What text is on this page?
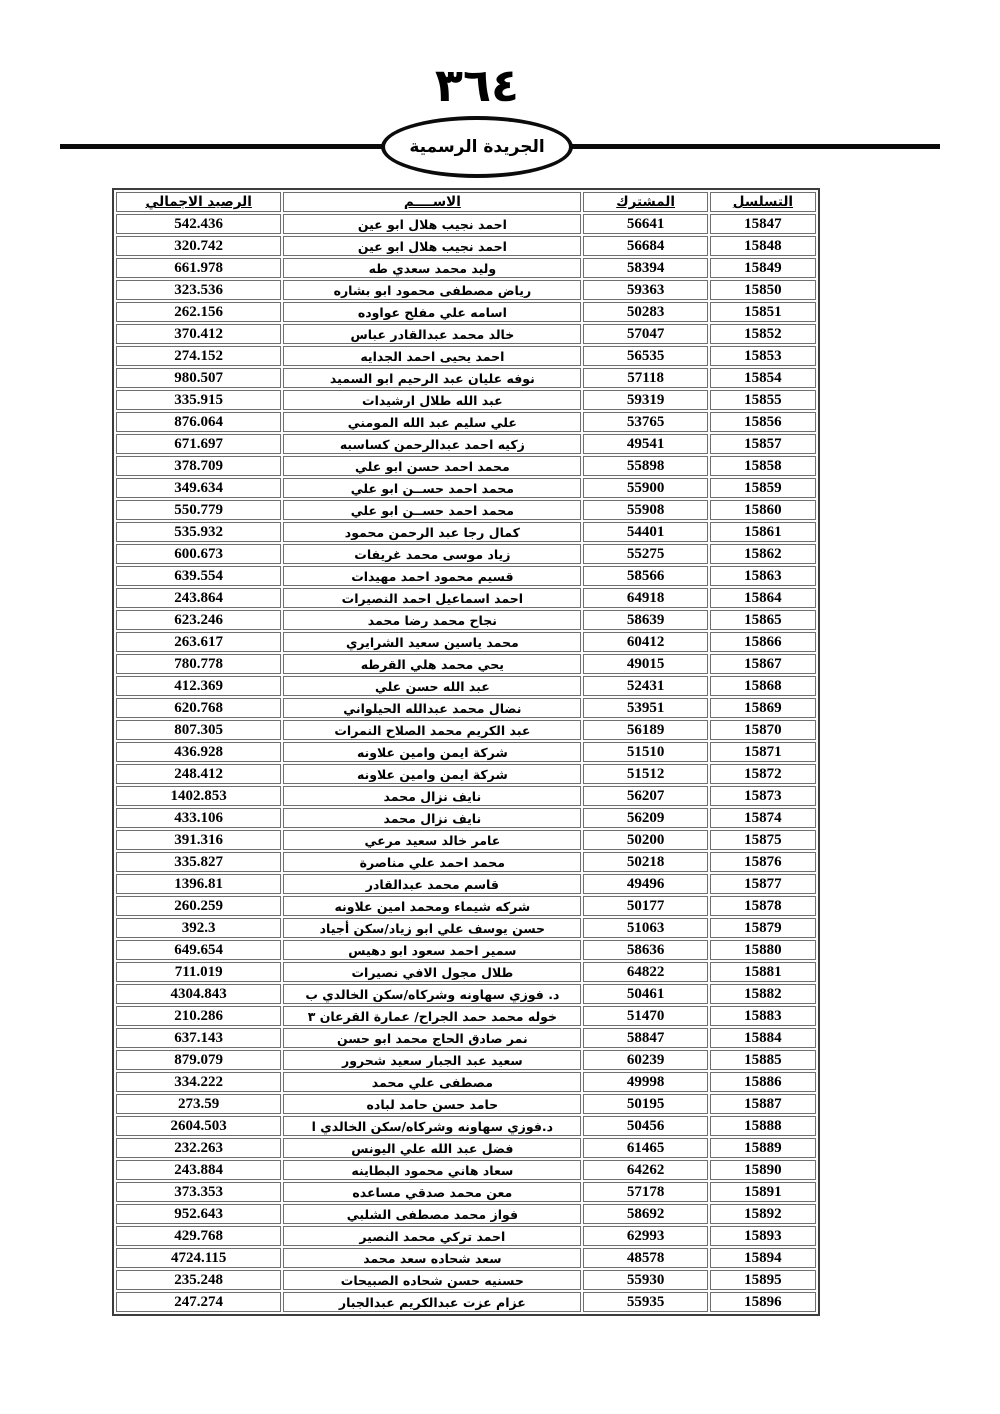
٣٦٤
الجريدة الرسمية
التسلسل	المشترك	الاســــم	الرصيد الاجمالي
15847	56641	احمد نجيب هلال ابو عين	542.436
15848	56684	احمد نجيب هلال ابو عين	320.742
15849	58394	وليد محمد سعدي طه	661.978
15850	59363	رياض مصطفى محمود ابو بشاره	323.536
15851	50283	اسامه علي مفلح عواوده	262.156
15852	57047	خالد محمد عبدالقادر عباس	370.412
15853	56535	احمد يحيى احمد الجدايه	274.152
15854	57118	نوفه عليان عبد الرحيم ابو السميد	980.507
15855	59319	عبد الله طلال ارشيدات	335.915
15856	53765	علي سليم عبد الله المومني	876.064
15857	49541	زكيه احمد عبدالرحمن كساسبه	671.697
15858	55898	محمد احمد حسن ابو علي	378.709
15859	55900	محمد احمد حســن ابو علي	349.634
15860	55908	محمد احمد حســن ابو علي	550.779
15861	54401	كمال رجا عبد الرحمن محمود	535.932
15862	55275	زياد موسى محمد غريفات	600.673
15863	58566	قسيم محمود احمد مهيدات	639.554
15864	64918	احمد اسماعيل احمد النصيرات	243.864
15865	58639	نجاح محمد رضا محمد	623.246
15866	60412	محمد ياسين سعيد الشرايري	263.617
15867	49015	يحي محمد هلي القرطه	780.778
15868	52431	عبد الله حسن علي	412.369
15869	53951	نضال محمد عبدالله الحيلواني	620.768
15870	56189	عبد الكريم محمد الصلاح النمرات	807.305
15871	51510	شركة ايمن وامين علاونه	436.928
15872	51512	شركة ايمن وامين علاونه	248.412
15873	56207	نايف نزال محمد	1402.853
15874	56209	نايف نزال محمد	433.106
15875	50200	عامر خالد سعيد مرعي	391.316
15876	50218	محمد احمد علي مناصرة	335.827
15877	49496	قاسم محمد عبدالقادر	1396.81
15878	50177	شركه شيماء ومحمد امين علاونه	260.259
15879	51063	حسن يوسف علي ابو زياد/سكن أجياد	392.3
15880	58636	سمير احمد سعود ابو دهيس	649.654
15881	64822	طلال مجول الافي نصيرات	711.019
15882	50461	د. فوزي سهاونه وشركاه/سكن الخالدي ب	4304.843
15883	51470	خوله محمد حمد الجراح/ عمارة القرعان ٣	210.286
15884	58847	نمر صادق الحاج محمد ابو حسن	637.143
15885	60239	سعيد عبد الجبار سعيد شحرور	879.079
15886	49998	مصطفى علي محمد	334.222
15887	50195	حامد حسن حامد لباده	273.59
15888	50456	د.فوزي سهاونه وشركاه/سكن الخالدي ا	2604.503
15889	61465	فضل عبد الله علي اليونس	232.263
15890	64262	سعاد هاني محمود البطاينه	243.884
15891	57178	معن محمد صدقي مساعده	373.353
15892	58692	فواز محمد مصطفى الشلبي	952.643
15893	62993	احمد تركي محمد النصير	429.768
15894	48578	سعد شحاده سعد محمد	4724.115
15895	55930	حسنيه حسن شحاده الصبيحات	235.248
15896	55935	عزام عزت عبدالكريم عبدالجبار	247.274
